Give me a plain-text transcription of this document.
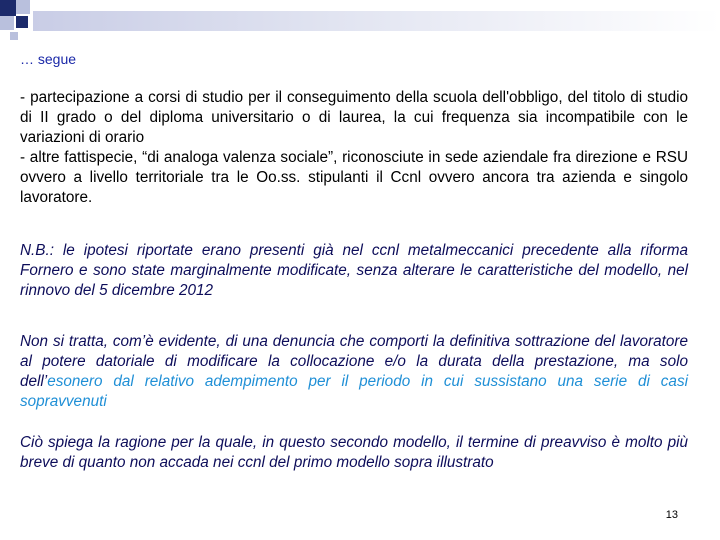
… segue
- partecipazione a corsi di studio per il conseguimento della scuola dell'obbligo, del titolo di studio di II grado o del diploma universitario o di laurea, la cui frequenza sia incompatibile con le variazioni di orario
- altre fattispecie, “di analoga valenza sociale”, riconosciute in sede aziendale fra direzione e RSU ovvero a livello territoriale tra le Oo.ss. stipulanti il Ccnl ovvero ancora tra azienda e singolo lavoratore.
N.B.: le ipotesi riportate erano presenti già nel ccnl metalmeccanici precedente alla riforma Fornero e sono state marginalmente modificate, senza alterare le caratteristiche del modello, nel rinnovo del 5 dicembre 2012
Non si tratta, com’è evidente, di una denuncia che comporti la definitiva sottrazione del lavoratore al potere datoriale di modificare la collocazione e/o la durata della prestazione, ma solo dell’esonero dal relativo adempimento per il periodo in cui sussistano una serie di casi sopravvenuti
Ciò spiega la ragione per la quale, in questo secondo modello, il termine di preavviso è molto più breve di quanto non accada nei ccnl del primo modello sopra illustrato
13
